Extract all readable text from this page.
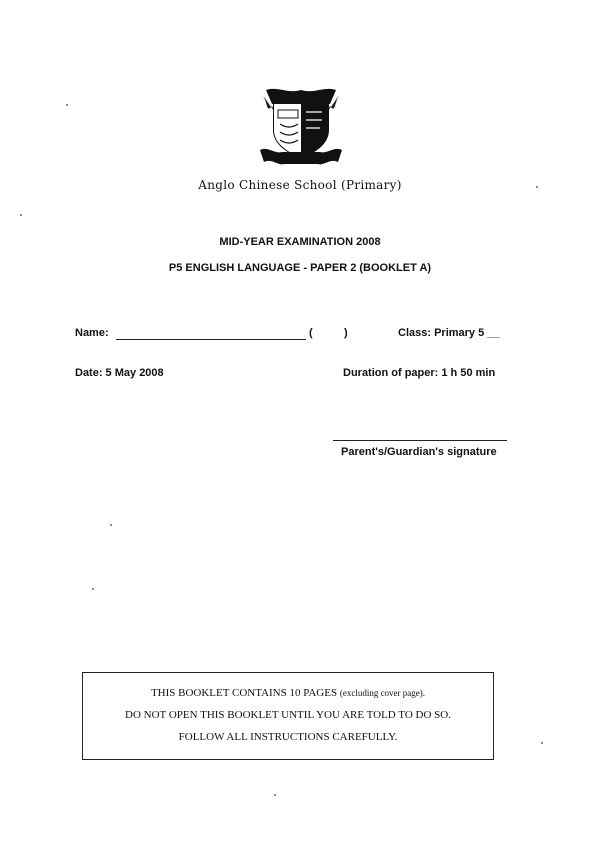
Anglo Chinese School (Primary)
MID-YEAR EXAMINATION 2008
P5 ENGLISH LANGUAGE - PAPER 2 (BOOKLET A)
Name:	(	)	Class: Primary 5 __
Date: 5 May 2008	Duration of paper: 1 h 50 min
Parent's/Guardian's signature
THIS BOOKLET CONTAINS 10 PAGES (excluding cover page).
DO NOT OPEN THIS BOOKLET UNTIL YOU ARE TOLD TO DO SO.
FOLLOW ALL INSTRUCTIONS CAREFULLY.
